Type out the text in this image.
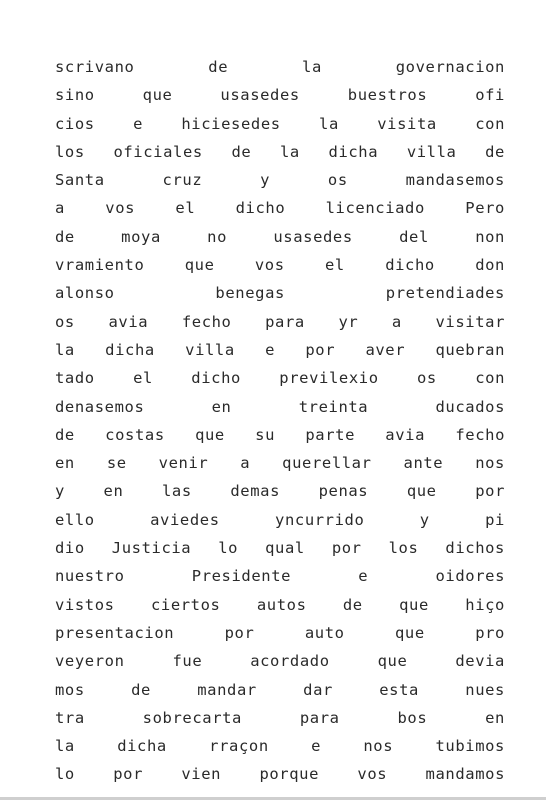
scrivano de la governacion
sino que usasedes buestros ofi
cios e hiciesedes la visita con
los oficiales de la dicha villa de
Santa cruz y os mandasemos
a vos el dicho licenciado Pero
de moya no usasedes del non
vramiento que vos el dicho don
alonso benegas pretendiades
os avia fecho para yr a visitar
la dicha villa e por aver quebran
tado el dicho previlexio os con
denasemos en treinta ducados
de costas que su parte avia fecho
en se venir a querellar ante nos
y en las demas penas que por
ello aviedes yncurrido y pi
dio Justicia lo qual por los dichos
nuestro Presidente e oidores
vistos ciertos autos de que hiço
presentacion por auto que pro
veyeron fue acordado que devia
mos de mandar dar esta nues
tra sobrecarta para bos en
la dicha rraçon e nos tubimos
lo por vien porque vos mandamos
